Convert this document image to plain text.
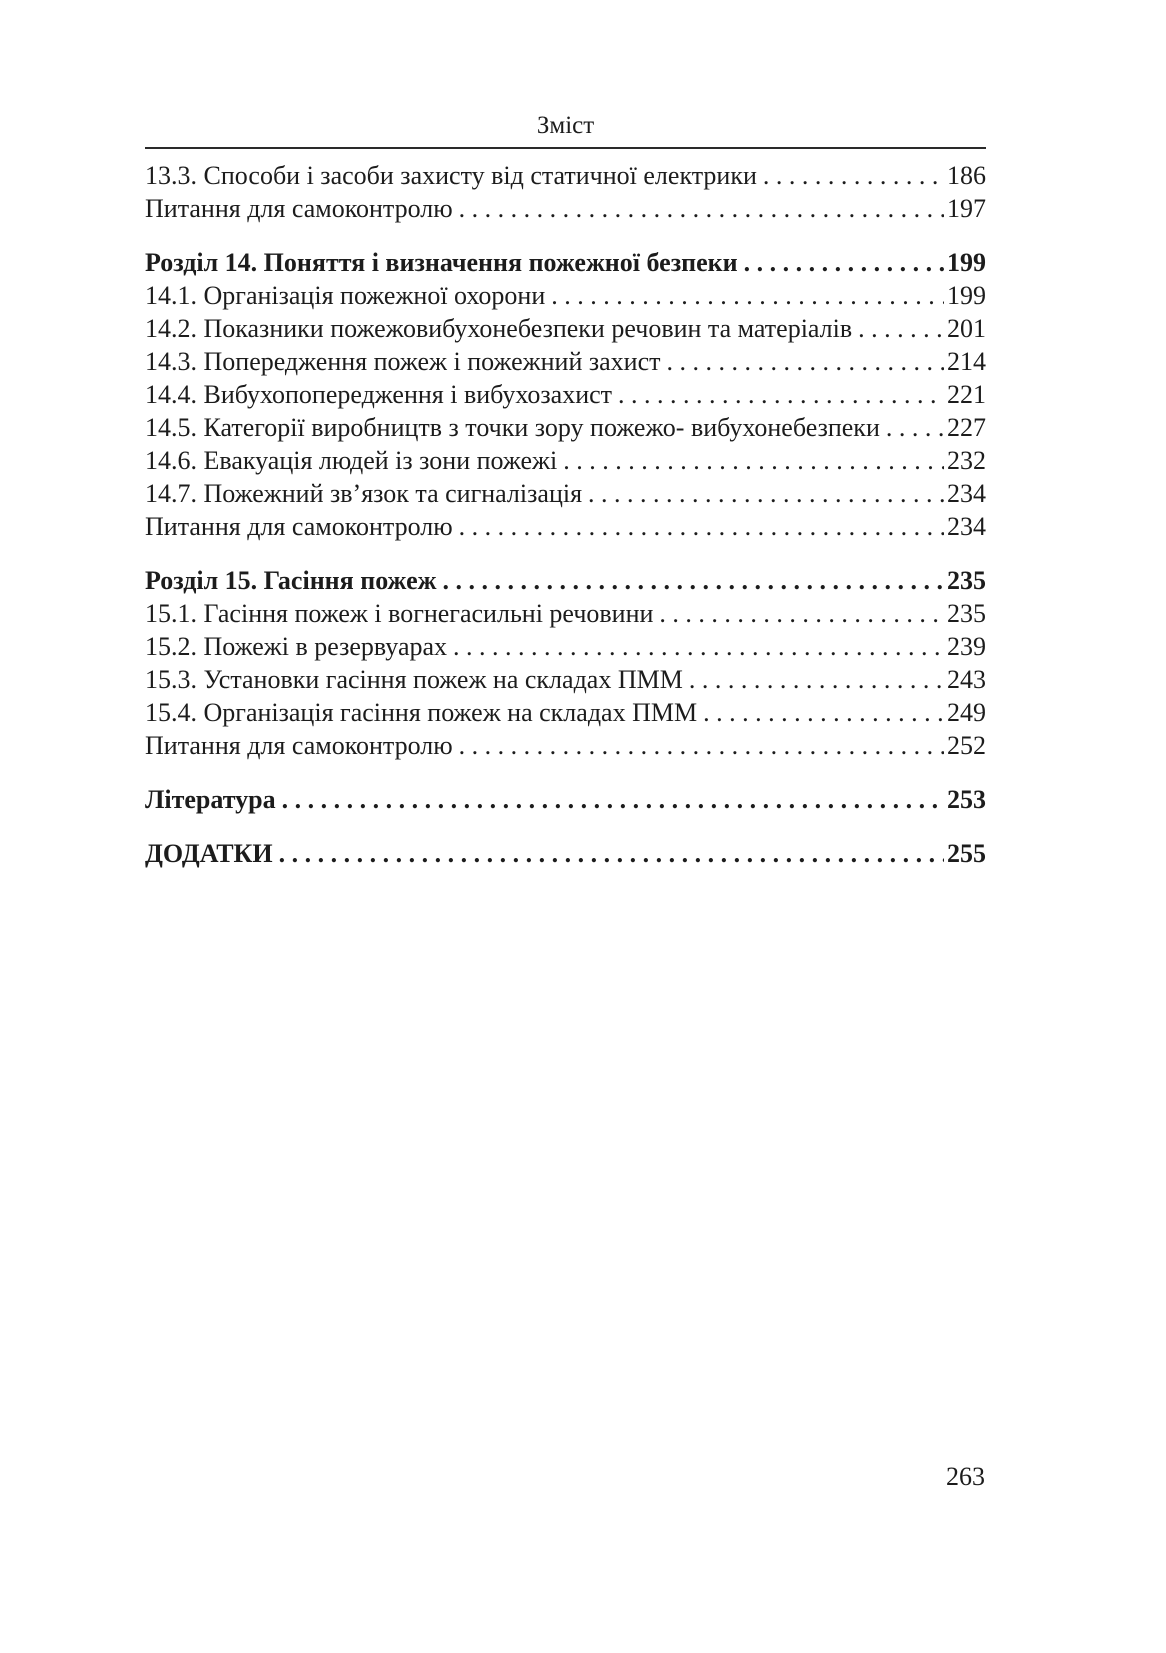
Зміст
13.3. Способи і засоби захисту від статичної електрики . . .	186
Питання для самоконтролю . . .	197
Розділ 14. Поняття і визначення пожежної безпеки . . .	199
14.1. Організація пожежної охорони . . .	199
14.2. Показники пожежовибухонебезпеки речовин та матеріалів . . .	201
14.3. Попередження пожеж і пожежний захист . . .	214
14.4. Вибухопопередження і вибухозахист . . .	221
14.5. Категорії виробництв з точки зору пожежо- вибухонебезпеки . . .	227
14.6. Евакуація людей із зони пожежі . . .	232
14.7. Пожежний зв’язок та сигналізація . . .	234
Питання для самоконтролю . . .	234
Розділ 15. Гасіння пожеж . . .	235
15.1. Гасіння пожеж і вогнегасильні речовини . . .	235
15.2. Пожежі в резервуарах . . .	239
15.3. Установки гасіння пожеж на складах ПММ . . .	243
15.4. Організація гасіння пожеж на складах ПММ . . .	249
Питання для самоконтролю . . .	252
Література . . .	253
ДОДАТКИ . . .	255
263
